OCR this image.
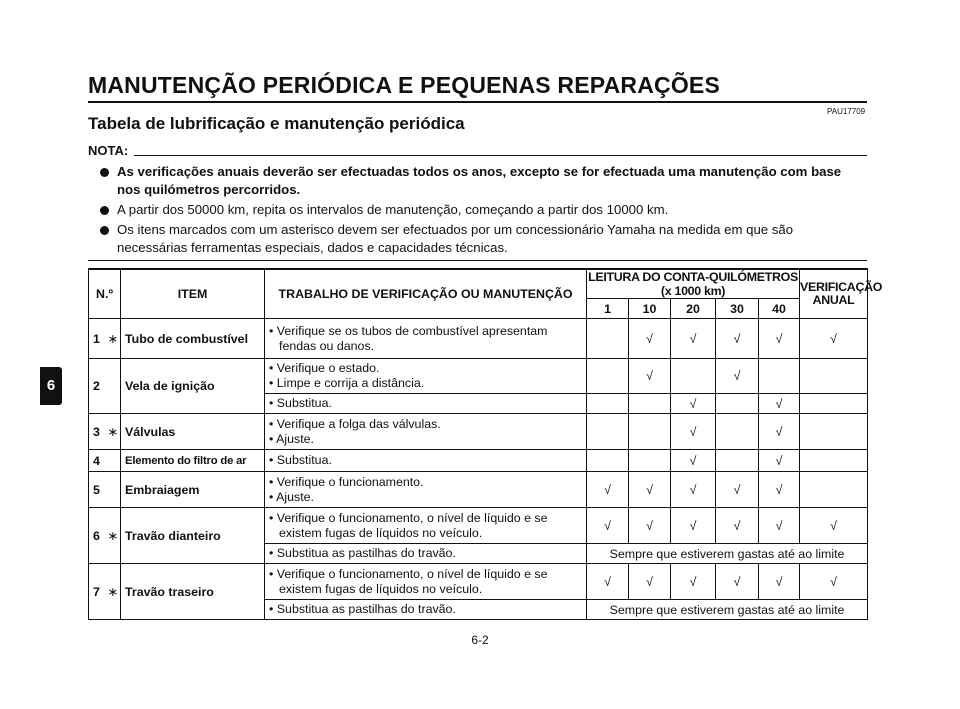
MANUTENÇÃO PERIÓDICA E PEQUENAS REPARAÇÕES
PAU17709
Tabela de lubrificação e manutenção periódica
NOTA:
As verificações anuais deverão ser efectuadas todos os anos, excepto se for efectuada uma manutenção com base nos quilómetros percorridos.
A partir dos 50000 km, repita os intervalos de manutenção, começando a partir dos 10000 km.
Os itens marcados com um asterisco devem ser efectuados por um concessionário Yamaha na medida em que são necessárias ferramentas especiais, dados e capacidades técnicas.
6
N.º		ITEM	TRABALHO DE VERIFICAÇÃO OU MANUTENÇÃO	LEITURA DO CONTA-QUILÓMETROS (x 1000 km)					VERIFICAÇÃO ANUAL
				1	10	20	30	40	
1	∗	Tubo de combustível	• Verifique se os tubos de combustível apresentam fendas ou danos.		√	√	√	√	√
2		Vela de ignição	• Verifique o estado.
• Limpe e corrija a distância.		√		√		

			• Substitua.			√		√	
3	∗	Válvulas	• Verifique a folga das válvulas.
• Ajuste.			√		√	
4		Elemento do filtro de ar	• Substitua.			√		√	
5		Embraiagem	• Verifique o funcionamento.
• Ajuste.	√	√	√	√	√	
6	∗	Travão dianteiro	• Verifique o funcionamento, o nível de líquido e se existem fugas de líquidos no veículo.	√	√	√	√	√	√

			• Substitua as pastilhas do travão.	Sempre que estiverem gastas até ao limite					
7	∗	Travão traseiro	• Verifique o funcionamento, o nível de líquido e se existem fugas de líquidos no veículo.	√	√	√	√	√	√

			• Substitua as pastilhas do travão.	Sempre que estiverem gastas até ao limite					
6-2
